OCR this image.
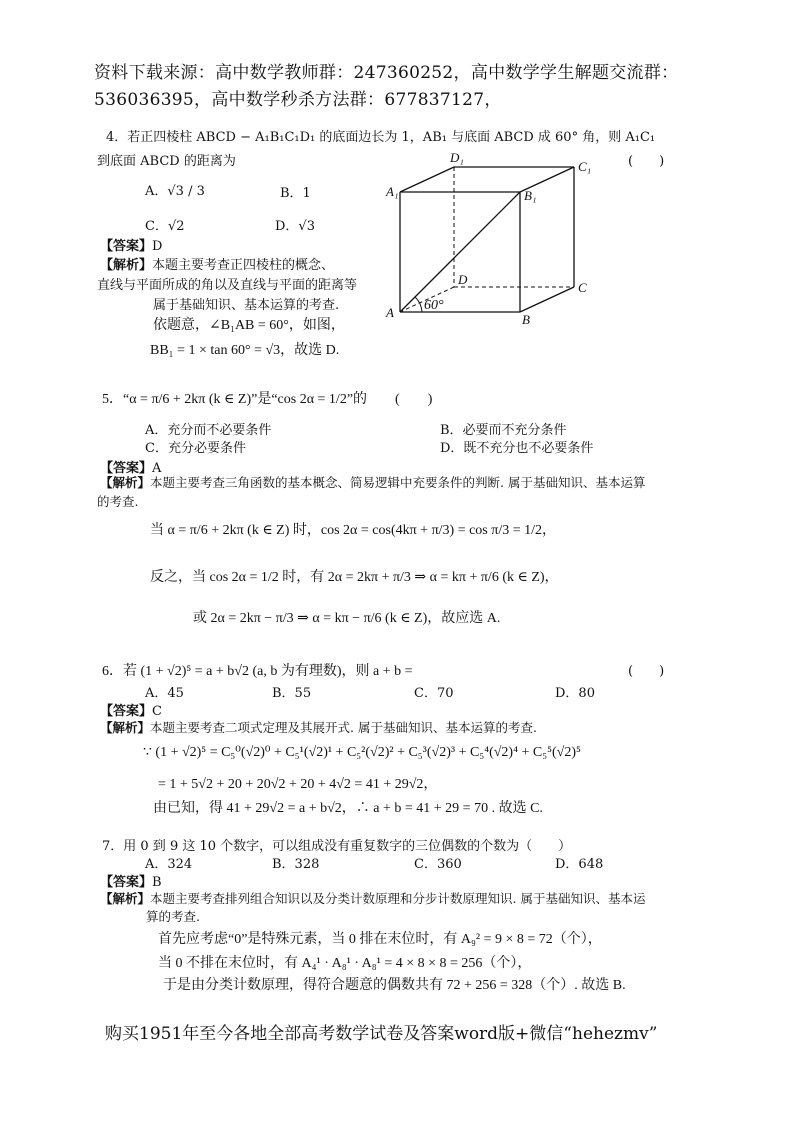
资料下载来源：高中数学教师群：247360252，高中数学学生解题交流群：
536036395，高中数学秒杀方法群：677837127，
4．若正四棱柱 ABCD − A₁B₁C₁D₁ 的底面边长为 1，AB₁ 与底面 ABCD 成 60° 角，则 A₁C₁
到底面 ABCD 的距离为	(　　)
A．√3 / 3	B．1
C．√2	D．√3
【答案】D
【解析】本题主要考查正四棱柱的概念、
直线与平面所成的角以及直线与平面的距离等
属于基础知识、基本运算的考查.
依题意，∠B₁AB = 60°，如图，
BB₁ = 1 × tan 60° = √3，故选 D.
D₁
C₁
A₁	B₁
D
C
A	B
60°
5．“α = π/6 + 2kπ (k ∈ Z)”是“cos 2α = 1/2”的　　(　　)
A．充分而不必要条件	B．必要而不充分条件
C．充分必要条件	D．既不充分也不必要条件
【答案】A
【解析】本题主要考查三角函数的基本概念、简易逻辑中充要条件的判断. 属于基础知识、基本运算
的考查.
当 α = π/6 + 2kπ (k ∈ Z) 时，cos 2α = cos(4kπ + π/3) = cos π/3 = 1/2，
反之，当 cos 2α = 1/2 时，有 2α = 2kπ + π/3 ⇒ α = kπ + π/6 (k ∈ Z)，
或 2α = 2kπ − π/3 ⇒ α = kπ − π/6 (k ∈ Z)，故应选 A.
6．若 (1 + √2)⁵ = a + b√2 (a, b 为有理数)，则 a + b =	(　　)
A．45	B．55	C．70	D．80
【答案】C
【解析】本题主要考查二项式定理及其展开式. 属于基础知识、基本运算的考查.
∵ (1 + √2)⁵ = C₅⁰(√2)⁰ + C₅¹(√2)¹ + C₅²(√2)² + C₅³(√2)³ + C₅⁴(√2)⁴ + C₅⁵(√2)⁵
= 1 + 5√2 + 20 + 20√2 + 20 + 4√2 = 41 + 29√2，
由已知，得 41 + 29√2 = a + b√2，∴ a + b = 41 + 29 = 70 . 故选 C.
7．用 0 到 9 这 10 个数字，可以组成没有重复数字的三位偶数的个数为（　　）
A．324	B．328	C．360	D．648
【答案】B
【解析】本题主要考查排列组合知识以及分类计数原理和分步计数原理知识. 属于基础知识、基本运
算的考查.
首先应考虑“0”是特殊元素，当 0 排在末位时，有 A₉² = 9 × 8 = 72（个），
当 0 不排在末位时，有 A₄¹ · A₈¹ · A₈¹ = 4 × 8 × 8 = 256（个），
于是由分类计数原理，得符合题意的偶数共有 72 + 256 = 328（个）. 故选 B.
购买1951年至今各地全部高考数学试卷及答案word版+微信“hehezmv”
